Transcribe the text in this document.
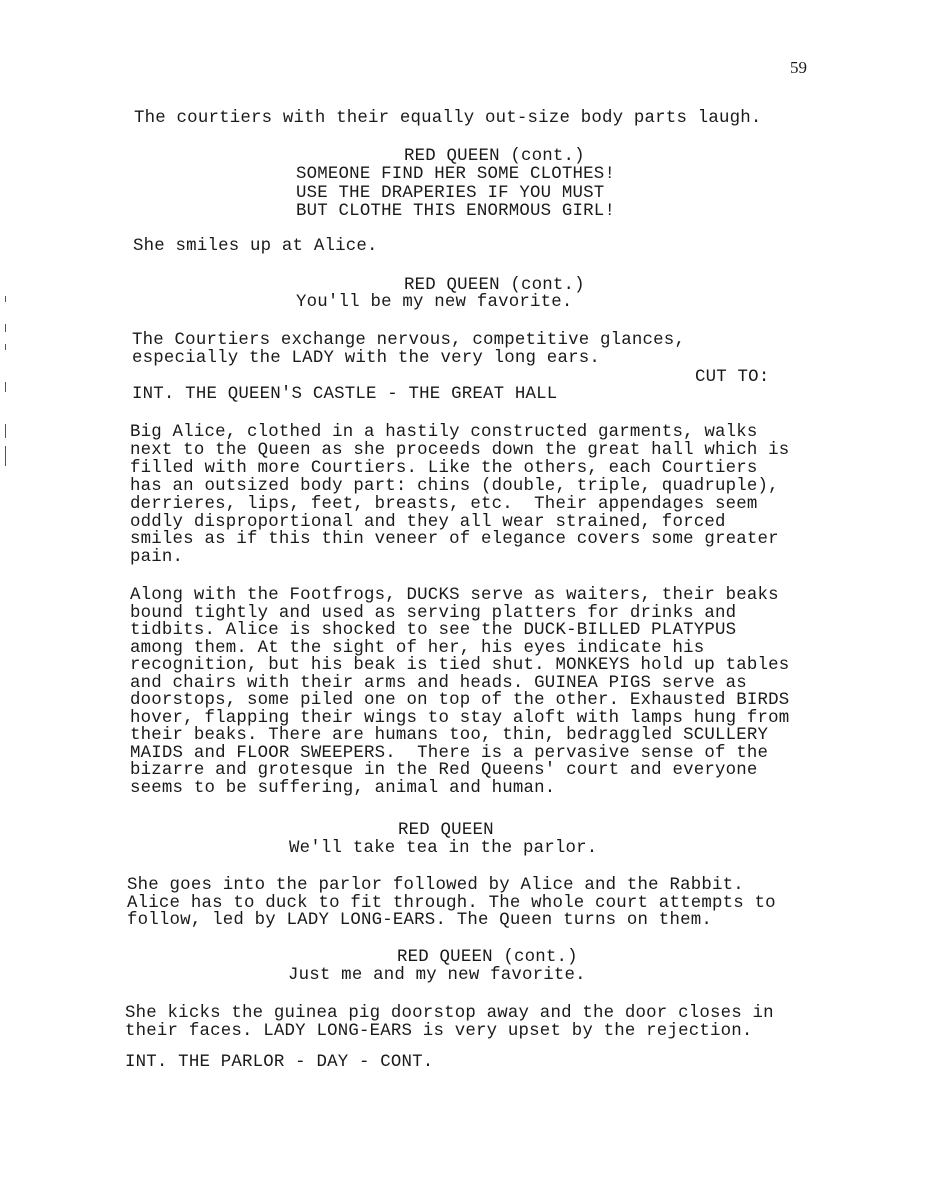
59
The courtiers with their equally out-size body parts laugh.
RED QUEEN (cont.)
SOMEONE FIND HER SOME CLOTHES!
USE THE DRAPERIES IF YOU MUST
BUT CLOTHE THIS ENORMOUS GIRL!
She smiles up at Alice.
RED QUEEN (cont.)
You'll be my new favorite.
The Courtiers exchange nervous, competitive glances,
especially the LADY with the very long ears.
CUT TO:
INT. THE QUEEN'S CASTLE - THE GREAT HALL
Big Alice, clothed in a hastily constructed garments, walks
next to the Queen as she proceeds down the great hall which is
filled with more Courtiers. Like the others, each Courtiers
has an outsized body part: chins (double, triple, quadruple),
derrieres, lips, feet, breasts, etc.  Their appendages seem
oddly disproportional and they all wear strained, forced
smiles as if this thin veneer of elegance covers some greater
pain.
Along with the Footfrogs, DUCKS serve as waiters, their beaks
bound tightly and used as serving platters for drinks and
tidbits. Alice is shocked to see the DUCK-BILLED PLATYPUS
among them. At the sight of her, his eyes indicate his
recognition, but his beak is tied shut. MONKEYS hold up tables
and chairs with their arms and heads. GUINEA PIGS serve as
doorstops, some piled one on top of the other. Exhausted BIRDS
hover, flapping their wings to stay aloft with lamps hung from
their beaks. There are humans too, thin, bedraggled SCULLERY
MAIDS and FLOOR SWEEPERS.  There is a pervasive sense of the
bizarre and grotesque in the Red Queens' court and everyone
seems to be suffering, animal and human.
RED QUEEN
We'll take tea in the parlor.
She goes into the parlor followed by Alice and the Rabbit.
Alice has to duck to fit through. The whole court attempts to
follow, led by LADY LONG-EARS. The Queen turns on them.
RED QUEEN (cont.)
Just me and my new favorite.
She kicks the guinea pig doorstop away and the door closes in
their faces. LADY LONG-EARS is very upset by the rejection.
INT. THE PARLOR - DAY - CONT.
